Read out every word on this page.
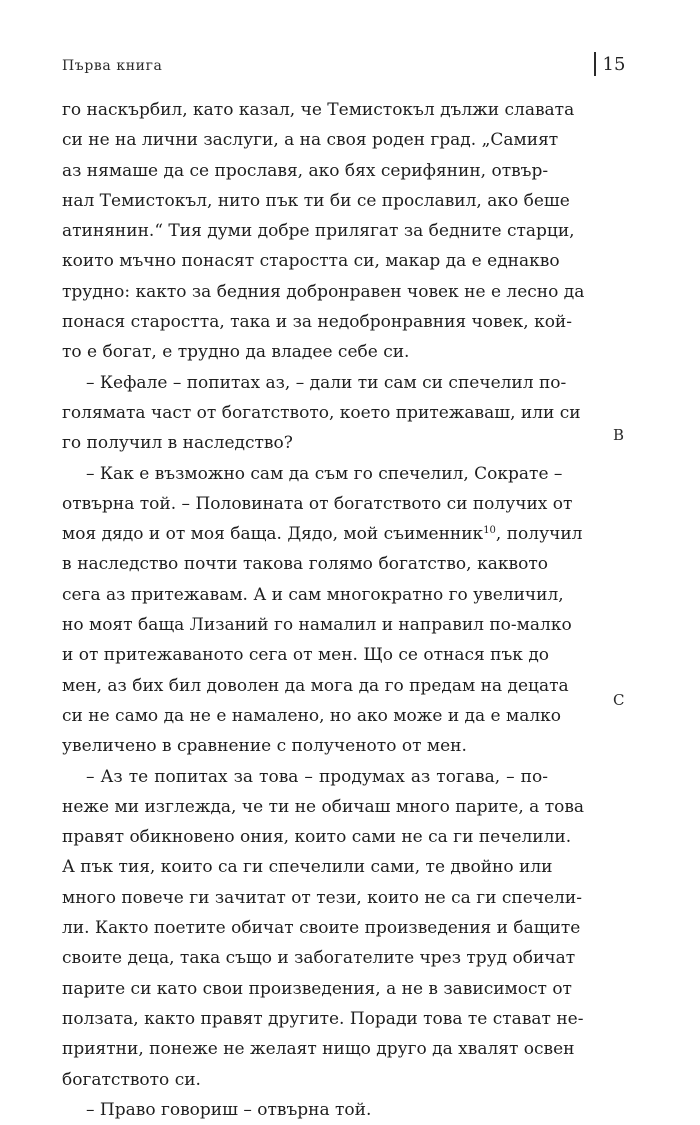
Първа книга	15
B
C
го наскърбил, като казал, че Темистокъл дължи славата
си не на лични заслуги, а на своя роден град. „Самият
аз нямаше да се прославя, ако бях серифянин, отвър-
нал Темистокъл, нито пък ти би се прославил, ако беше
атинянин.“ Тия думи добре прилягат за бедните старци,
които мъчно понасят старостта си, макар да е еднакво
трудно: както за бедния добронравен човек не е лесно да
понася старостта, така и за недобронравния човек, кой-
то е богат, е трудно да владее себе си.
– Кефале – попитах аз, – дали ти сам си спечелил по-
голямата част от богатството, което притежаваш, или си
го получил в наследство?
– Как е възможно сам да съм го спечелил, Сократе –
отвърна той. – Половината от богатството си получих от
моя дядо и от моя баща. Дядо, мой съименник$^{10}$, получил
в наследство почти такова голямо богатство, каквото
сега аз притежавам. А и сам многократно го увеличил,
но моят баща Лизаний го намалил и направил по-малко
и от притежаваното сега от мен. Що се отнася пък до
мен, аз бих бил доволен да мога да го предам на децата
си не само да не е намалено, но ако може и да е малко
увеличено в сравнение с полученото от мен.
– Аз те попитах за това – продумах аз тогава, – по-
неже ми изглежда, че ти не обичаш много парите, а това
правят обикновено ония, които сами не са ги печелили.
А пък тия, които са ги спечелили сами, те двойно или
много повече ги зачитат от тези, които не са ги спечели-
ли. Както поетите обичат своите произведения и бащите
своите деца, така също и забогателите чрез труд обичат
парите си като свои произведения, а не в зависимост от
ползата, както правят другите. Поради това те стават не-
приятни, понеже не желаят нищо друго да хвалят освен
богатството си.
– Право говориш – отвърна той.
